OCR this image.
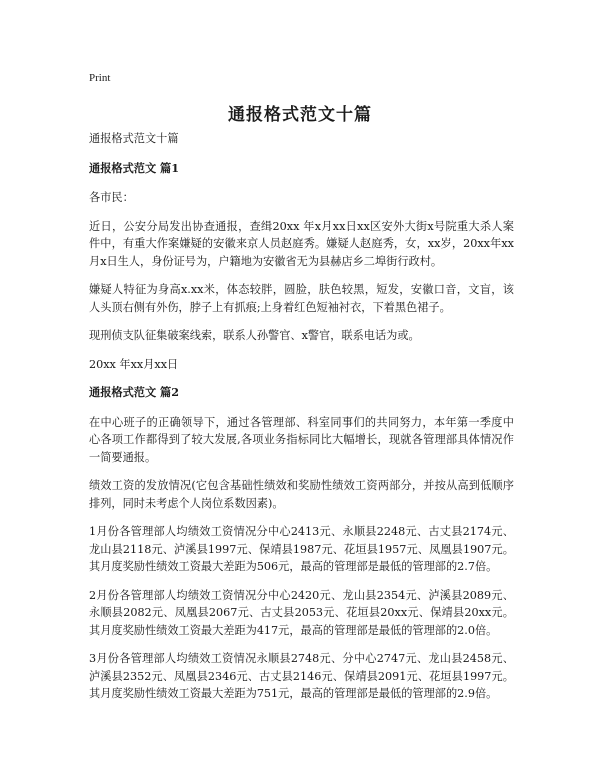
Print
通报格式范文十篇

通报格式范文十篇

通报格式范文 篇1

各市民：

近日，公安分局发出协查通报，查缉20xx 年x月xx日xx区安外大街x号院重大杀人案件中，有重大作案嫌疑的安徽来京人员赵庭秀。嫌疑人赵庭秀，女，xx岁，20xx年xx月x日生人，身份证号为，户籍地为安徽省无为县赫店乡二埠街行政村。

嫌疑人特征为身高x.xx米，体态较胖，圆脸，肤色较黑，短发，安徽口音，文盲，该人头顶右侧有外伤，脖子上有抓痕;上身着红色短袖衬衣，下着黑色裙子。

现刑侦支队征集破案线索，联系人孙警官、x警官，联系电话为或。

20xx 年xx月xx日

通报格式范文 篇2

在中心班子的正确领导下，通过各管理部、科室同事们的共同努力，本年第一季度中心各项工作都得到了较大发展,各项业务指标同比大幅增长，现就各管理部具体情况作一简要通报。

绩效工资的发放情况(它包含基础性绩效和奖励性绩效工资两部分，并按从高到低顺序排列，同时未考虑个人岗位系数因素)。

1月份各管理部人均绩效工资情况分中心2413元、永顺县2248元、古丈县2174元、龙山县2118元、泸溪县1997元、保靖县1987元、花垣县1957元、凤凰县1907元。其月度奖励性绩效工资最大差距为506元，最高的管理部是最低的管理部的2.7倍。

2月份各管理部人均绩效工资情况分中心2420元、龙山县2354元、泸溪县2089元、永顺县2082元、凤凰县2067元、古丈县2053元、花垣县20xx元、保靖县20xx元。其月度奖励性绩效工资最大差距为417元，最高的管理部是最低的管理部的2.0倍。

3月份各管理部人均绩效工资情况永顺县2748元、分中心2747元、龙山县2458元、泸溪县2352元、凤凰县2346元、古丈县2146元、保靖县2091元、花垣县1997元。其月度奖励性绩效工资最大差距为751元，最高的管理部是最低的管理部的2.9倍。
